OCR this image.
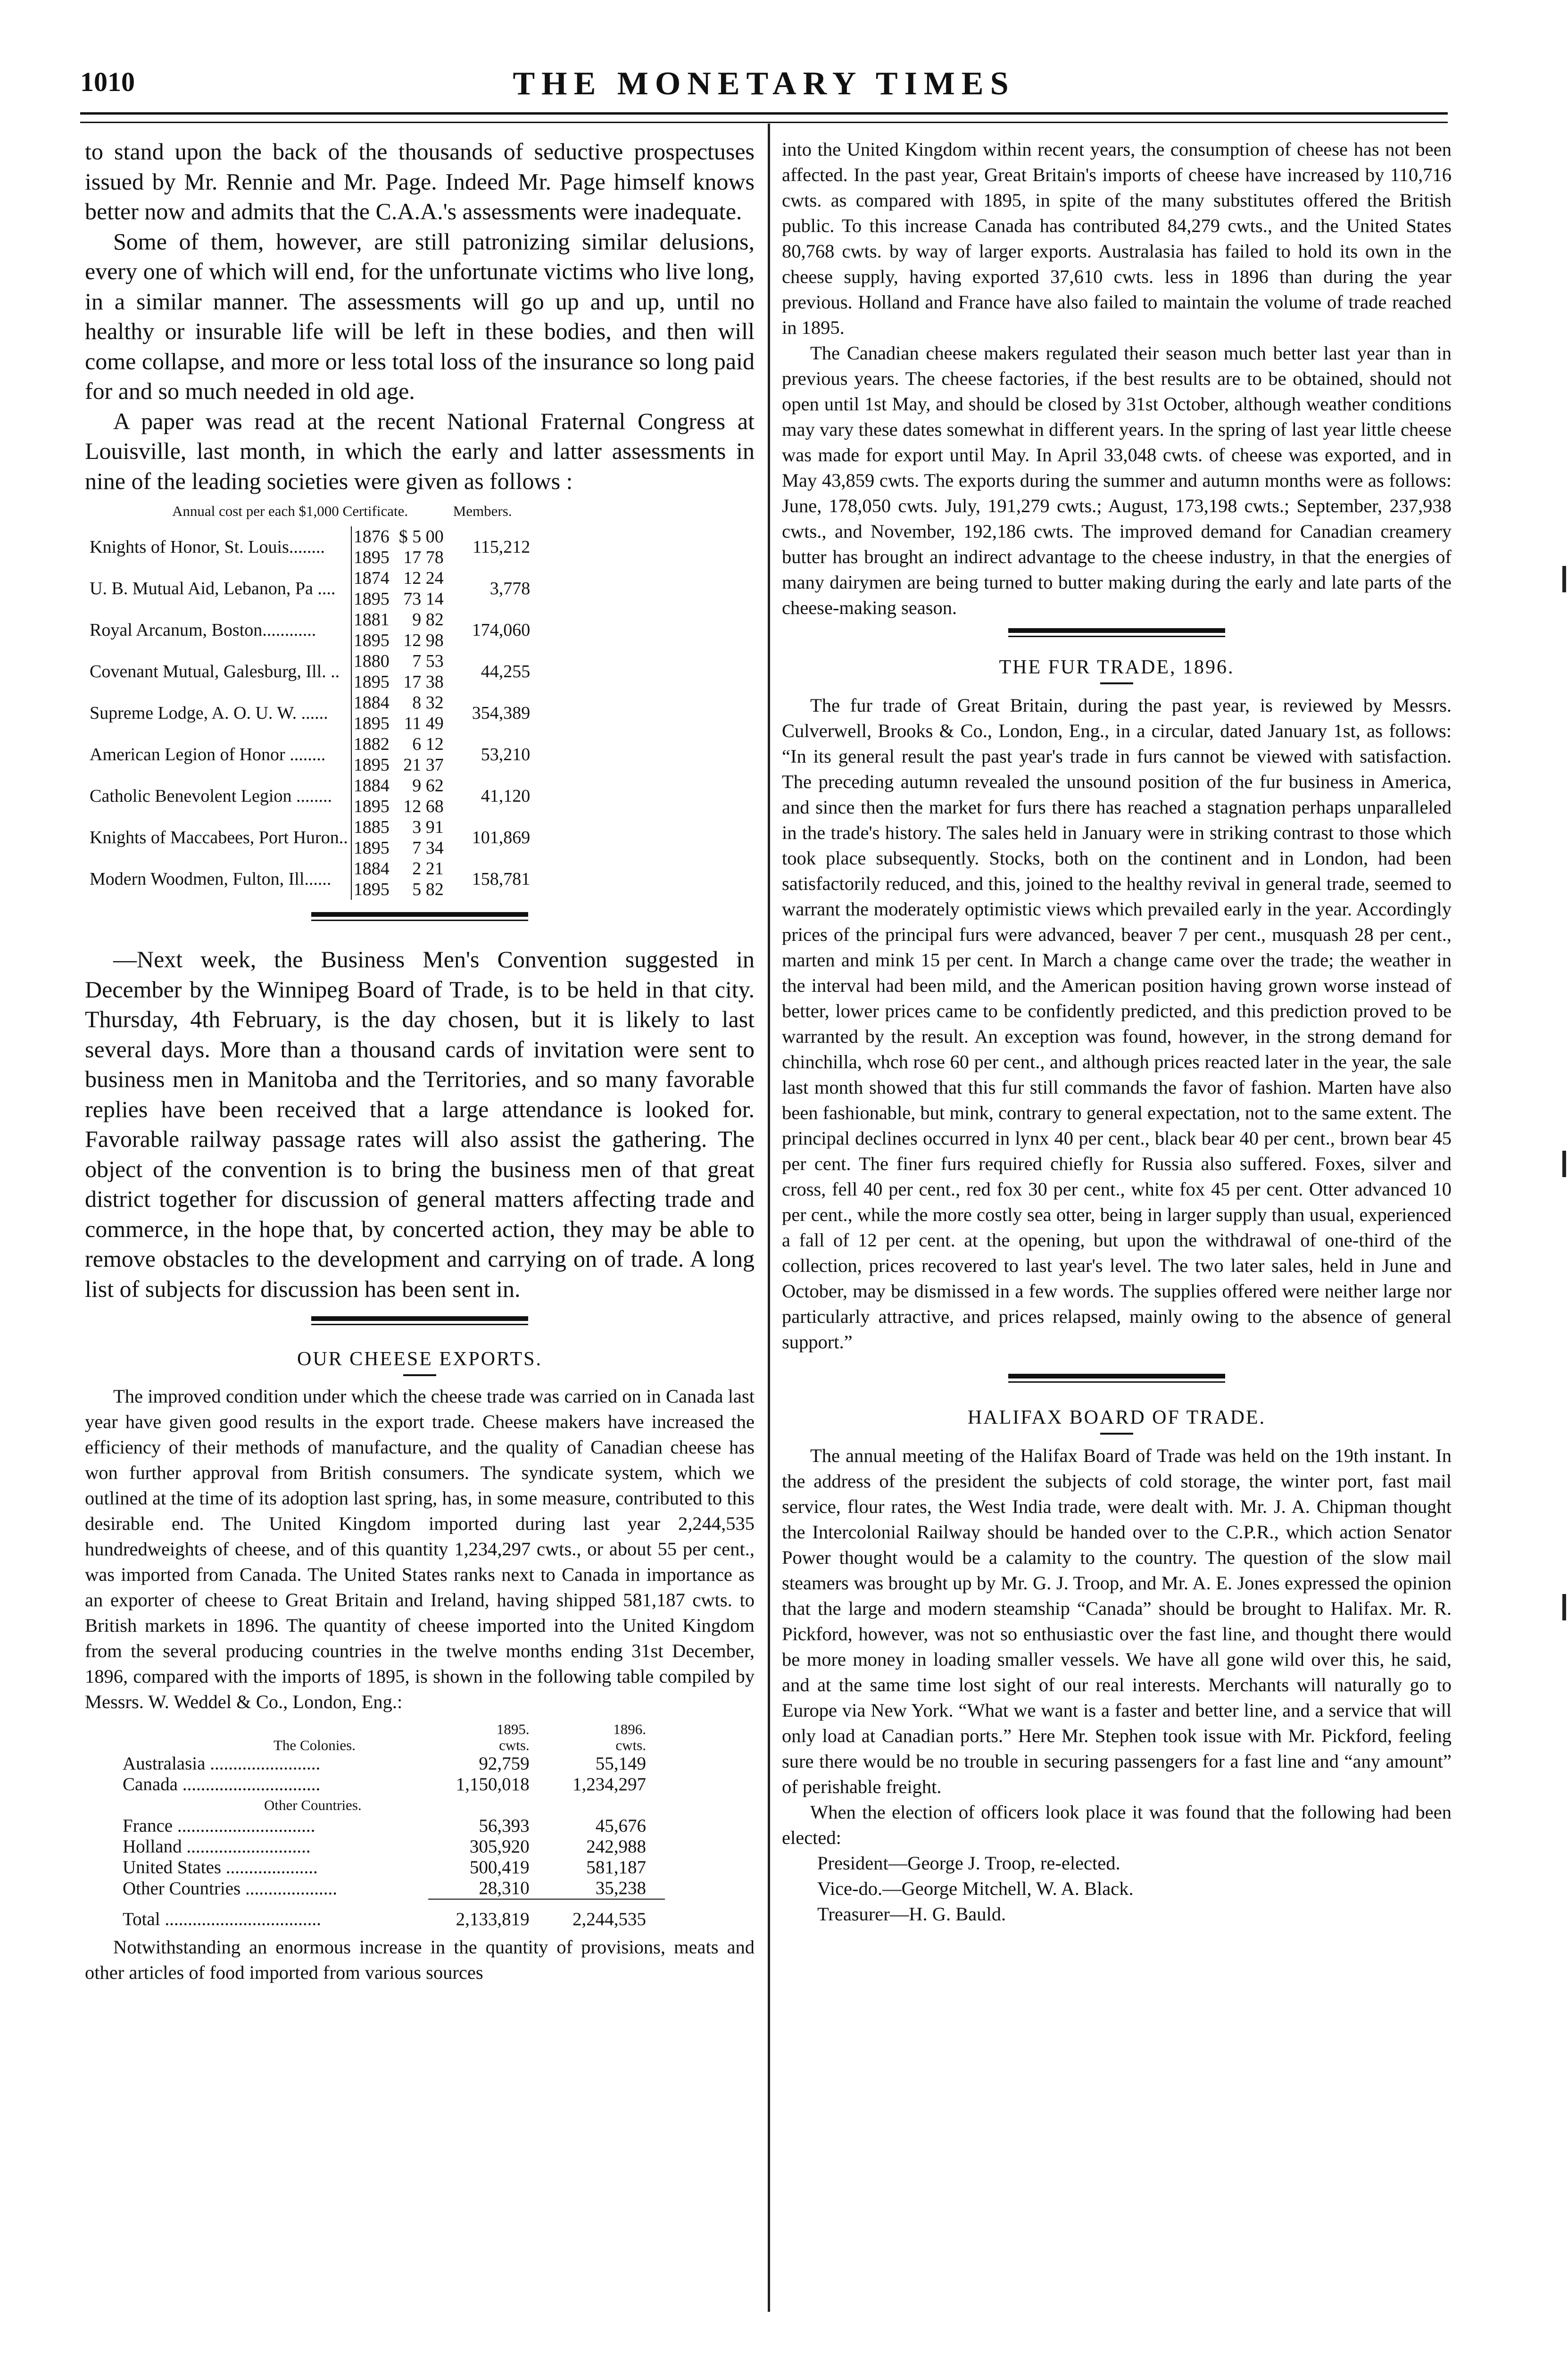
THE MONETARY TIMES
1010

to stand upon the back of the thousands of seductive prospectuses issued by Mr. Rennie and Mr. Page. Indeed Mr. Page himself knows better now and admits that the C.A.A.'s assessments were inadequate.

Some of them, however, are still patronizing similar delusions, every one of which will end, for the unfortunate victims who live long, in a similar manner. The assessments will go up and up, until no healthy or insurable life will be left in these bodies, and then will come collapse, and more or less total loss of the insurance so long paid for and so much needed in old age.

A paper was read at the recent National Fraternal Congress at Louisville, last month, in which the early and latter assessments in nine of the leading societies were given as follows :

Annual cost per each $1,000 Certificate.			Members.
Knights of Honor, St. Louis........	1876	$ 5 00		115,212
	1895	17 78	
U. B. Mutual Aid, Lebanon, Pa ....	1874	12 24		3,778
	1895	73 14	
Royal Arcanum, Boston............	1881	9 82		174,060
	1895	12 98	
Covenant Mutual, Galesburg, Ill. ..	1880	7 53		44,255
	1895	17 38	
Supreme Lodge, A. O. U. W. ......	1884	8 32		354,389
	1895	11 49	
American Legion of Honor ........	1882	6 12		53,210
	1895	21 37	
Catholic Benevolent Legion ........	1884	9 62		41,120
	1895	12 68	
Knights of Maccabees, Port Huron..	1885	3 91		101,869
	1895	7 34	
Modern Woodmen, Fulton, Ill......	1884	2 21		158,781
	1895	5 82	

—Next week, the Business Men's Convention suggested in December by the Winnipeg Board of Trade, is to be held in that city. Thursday, 4th February, is the day chosen, but it is likely to last several days. More than a thousand cards of invitation were sent to business men in Manitoba and the Territories, and so many favorable replies have been received that a large attendance is looked for. Favorable railway passage rates will also assist the gathering. The object of the convention is to bring the business men of that great district together for discussion of general matters affecting trade and commerce, in the hope that, by concerted action, they may be able to remove obstacles to the development and carrying on of trade. A long list of subjects for discussion has been sent in.

OUR CHEESE EXPORTS.

The improved condition under which the cheese trade was carried on in Canada last year have given good results in the export trade. Cheese makers have increased the efficiency of their methods of manufacture, and the quality of Canadian cheese has won further approval from British consumers. The syndicate system, which we outlined at the time of its adoption last spring, has, in some measure, contributed to this desirable end. The United Kingdom imported during last year 2,244,535 hundredweights of cheese, and of this quantity 1,234,297 cwts., or about 55 per cent., was imported from Canada. The United States ranks next to Canada in importance as an exporter of cheese to Great Britain and Ireland, having shipped 581,187 cwts. to British markets in 1896. The quantity of cheese imported into the United Kingdom from the several producing countries in the twelve months ending 31st December, 1896, compared with the imports of 1895, is shown in the following table compiled by Messrs. W. Weddel & Co., London, Eng.:

	1895.	1896.
The Colonies.	cwts.	cwts.
Australasia ........................	92,759	55,149
Canada ..............................	1,150,018	1,234,297
Other Countries.		
France ..............................	56,393	45,676
Holland ...........................	305,920	242,988
United States ....................	500,419	581,187
Other Countries ....................	28,310	35,238
Total ..................................	2,133,819	2,244,535

Notwithstanding an enormous increase in the quantity of provisions, meats and other articles of food imported from various sources

into the United Kingdom within recent years, the consumption of cheese has not been affected. In the past year, Great Britain's imports of cheese have increased by 110,716 cwts. as compared with 1895, in spite of the many substitutes offered the British public. To this increase Canada has contributed 84,279 cwts., and the United States 80,768 cwts. by way of larger exports. Australasia has failed to hold its own in the cheese supply, having exported 37,610 cwts. less in 1896 than during the year previous. Holland and France have also failed to maintain the volume of trade reached in 1895.

The Canadian cheese makers regulated their season much better last year than in previous years. The cheese factories, if the best results are to be obtained, should not open until 1st May, and should be closed by 31st October, although weather conditions may vary these dates somewhat in different years. In the spring of last year little cheese was made for export until May. In April 33,048 cwts. of cheese was exported, and in May 43,859 cwts. The exports during the summer and autumn months were as follows: June, 178,050 cwts. July, 191,279 cwts.; August, 173,198 cwts.; September, 237,938 cwts., and November, 192,186 cwts. The improved demand for Canadian creamery butter has brought an indirect advantage to the cheese industry, in that the energies of many dairymen are being turned to butter making during the early and late parts of the cheese-making season.

THE FUR TRADE, 1896.

The fur trade of Great Britain, during the past year, is reviewed by Messrs. Culverwell, Brooks & Co., London, Eng., in a circular, dated January 1st, as follows: “In its general result the past year's trade in furs cannot be viewed with satisfaction. The preceding autumn revealed the unsound position of the fur business in America, and since then the market for furs there has reached a stagnation perhaps unparalleled in the trade's history. The sales held in January were in striking contrast to those which took place subsequently. Stocks, both on the continent and in London, had been satisfactorily reduced, and this, joined to the healthy revival in general trade, seemed to warrant the moderately optimistic views which prevailed early in the year. Accordingly prices of the principal furs were advanced, beaver 7 per cent., musquash 28 per cent., marten and mink 15 per cent. In March a change came over the trade; the weather in the interval had been mild, and the American position having grown worse instead of better, lower prices came to be confidently predicted, and this prediction proved to be warranted by the result. An exception was found, however, in the strong demand for chinchilla, whch rose 60 per cent., and although prices reacted later in the year, the sale last month showed that this fur still commands the favor of fashion. Marten have also been fashionable, but mink, contrary to general expectation, not to the same extent. The principal declines occurred in lynx 40 per cent., black bear 40 per cent., brown bear 45 per cent. The finer furs required chiefly for Russia also suffered. Foxes, silver and cross, fell 40 per cent., red fox 30 per cent., white fox 45 per cent. Otter advanced 10 per cent., while the more costly sea otter, being in larger supply than usual, experienced a fall of 12 per cent. at the opening, but upon the withdrawal of one-third of the collection, prices recovered to last year's level. The two later sales, held in June and October, may be dismissed in a few words. The supplies offered were neither large nor particularly attractive, and prices relapsed, mainly owing to the absence of general support.”

HALIFAX BOARD OF TRADE.

The annual meeting of the Halifax Board of Trade was held on the 19th instant. In the address of the president the subjects of cold storage, the winter port, fast mail service, flour rates, the West India trade, were dealt with. Mr. J. A. Chipman thought the Intercolonial Railway should be handed over to the C.P.R., which action Senator Power thought would be a calamity to the country. The question of the slow mail steamers was brought up by Mr. G. J. Troop, and Mr. A. E. Jones expressed the opinion that the large and modern steamship “Canada” should be brought to Halifax. Mr. R. Pickford, however, was not so enthusiastic over the fast line, and thought there would be more money in loading smaller vessels. We have all gone wild over this, he said, and at the same time lost sight of our real interests. Merchants will naturally go to Europe via New York. “What we want is a faster and better line, and a service that will only load at Canadian ports.” Here Mr. Stephen took issue with Mr. Pickford, feeling sure there would be no trouble in securing passengers for a fast line and “any amount” of perishable freight.

When the election of officers look place it was found that the following had been elected:

President—George J. Troop, re-elected.

Vice-do.—George Mitchell, W. A. Black.

Treasurer—H. G. Bauld.
